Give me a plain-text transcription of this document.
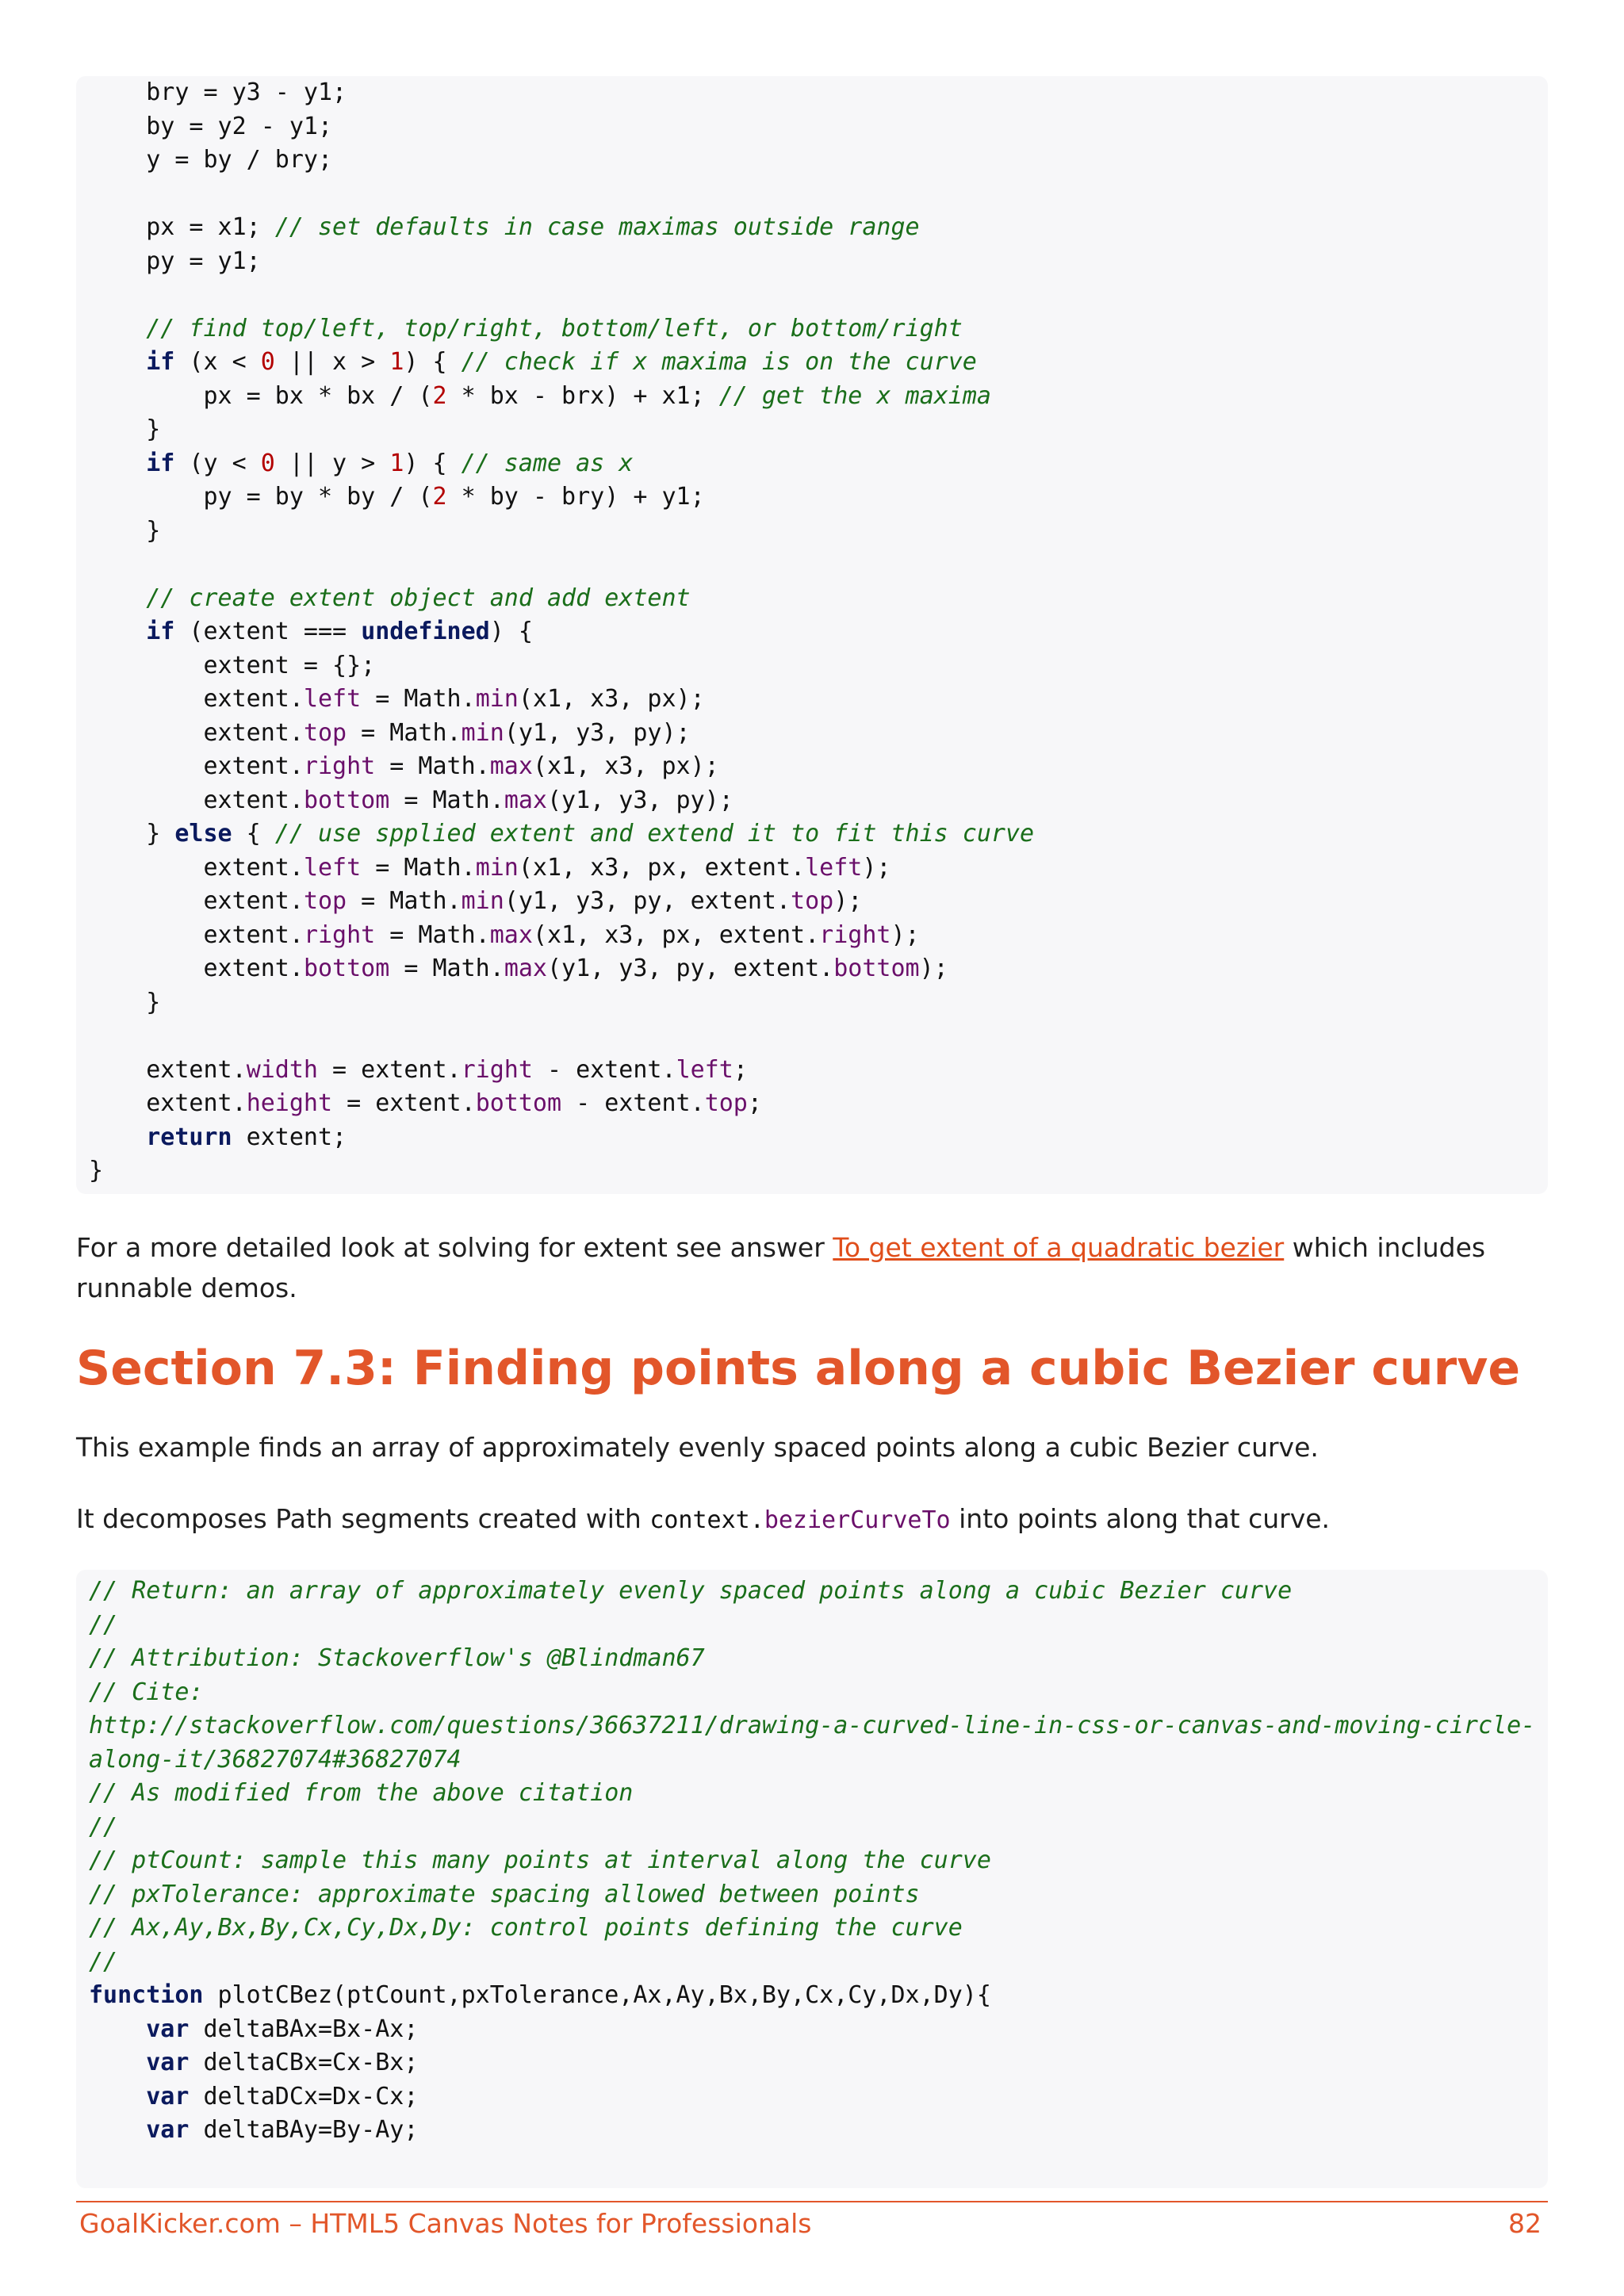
bry = y3 - y1;
by = y2 - y1;
y = by / bry;
px = x1; // set defaults in case maximas outside range
py = y1;
// find top/left, top/right, bottom/left, or bottom/right
if (x < 0 || x > 1) { // check if x maxima is on the curve
px = bx * bx / (2 * bx - brx) + x1; // get the x maxima
}
if (y < 0 || y > 1) { // same as x
py = by * by / (2 * by - bry) + y1;
}
// create extent object and add extent
if (extent === undefined) {
extent = {};
extent.left = Math.min(x1, x3, px);
extent.top = Math.min(y1, y3, py);
extent.right = Math.max(x1, x3, px);
extent.bottom = Math.max(y1, y3, py);
} else { // use spplied extent and extend it to fit this curve
extent.left = Math.min(x1, x3, px, extent.left);
extent.top = Math.min(y1, y3, py, extent.top);
extent.right = Math.max(x1, x3, px, extent.right);
extent.bottom = Math.max(y1, y3, py, extent.bottom);
}
extent.width = extent.right - extent.left;
extent.height = extent.bottom - extent.top;
return extent;
}
For a more detailed look at solving for extent see answer To get extent of a quadratic bezier which includes runnable demos.
Section 7.3: Finding points along a cubic Bezier curve
This example finds an array of approximately evenly spaced points along a cubic Bezier curve.
It decomposes Path segments created with context.bezierCurveTo into points along that curve.
// Return: an array of approximately evenly spaced points along a cubic Bezier curve
//
// Attribution: Stackoverflow's @Blindman67
// Cite:
http://stackoverflow.com/questions/36637211/drawing-a-curved-line-in-css-or-canvas-and-moving-circle-
along-it/36827074#36827074
// As modified from the above citation
//
// ptCount: sample this many points at interval along the curve
// pxTolerance: approximate spacing allowed between points
// Ax,Ay,Bx,By,Cx,Cy,Dx,Dy: control points defining the curve
//
function plotCBez(ptCount,pxTolerance,Ax,Ay,Bx,By,Cx,Cy,Dx,Dy){
var deltaBAx=Bx-Ax;
var deltaCBx=Cx-Bx;
var deltaDCx=Dx-Cx;
var deltaBAy=By-Ay;
GoalKicker.com – HTML5 Canvas Notes for Professionals	82
